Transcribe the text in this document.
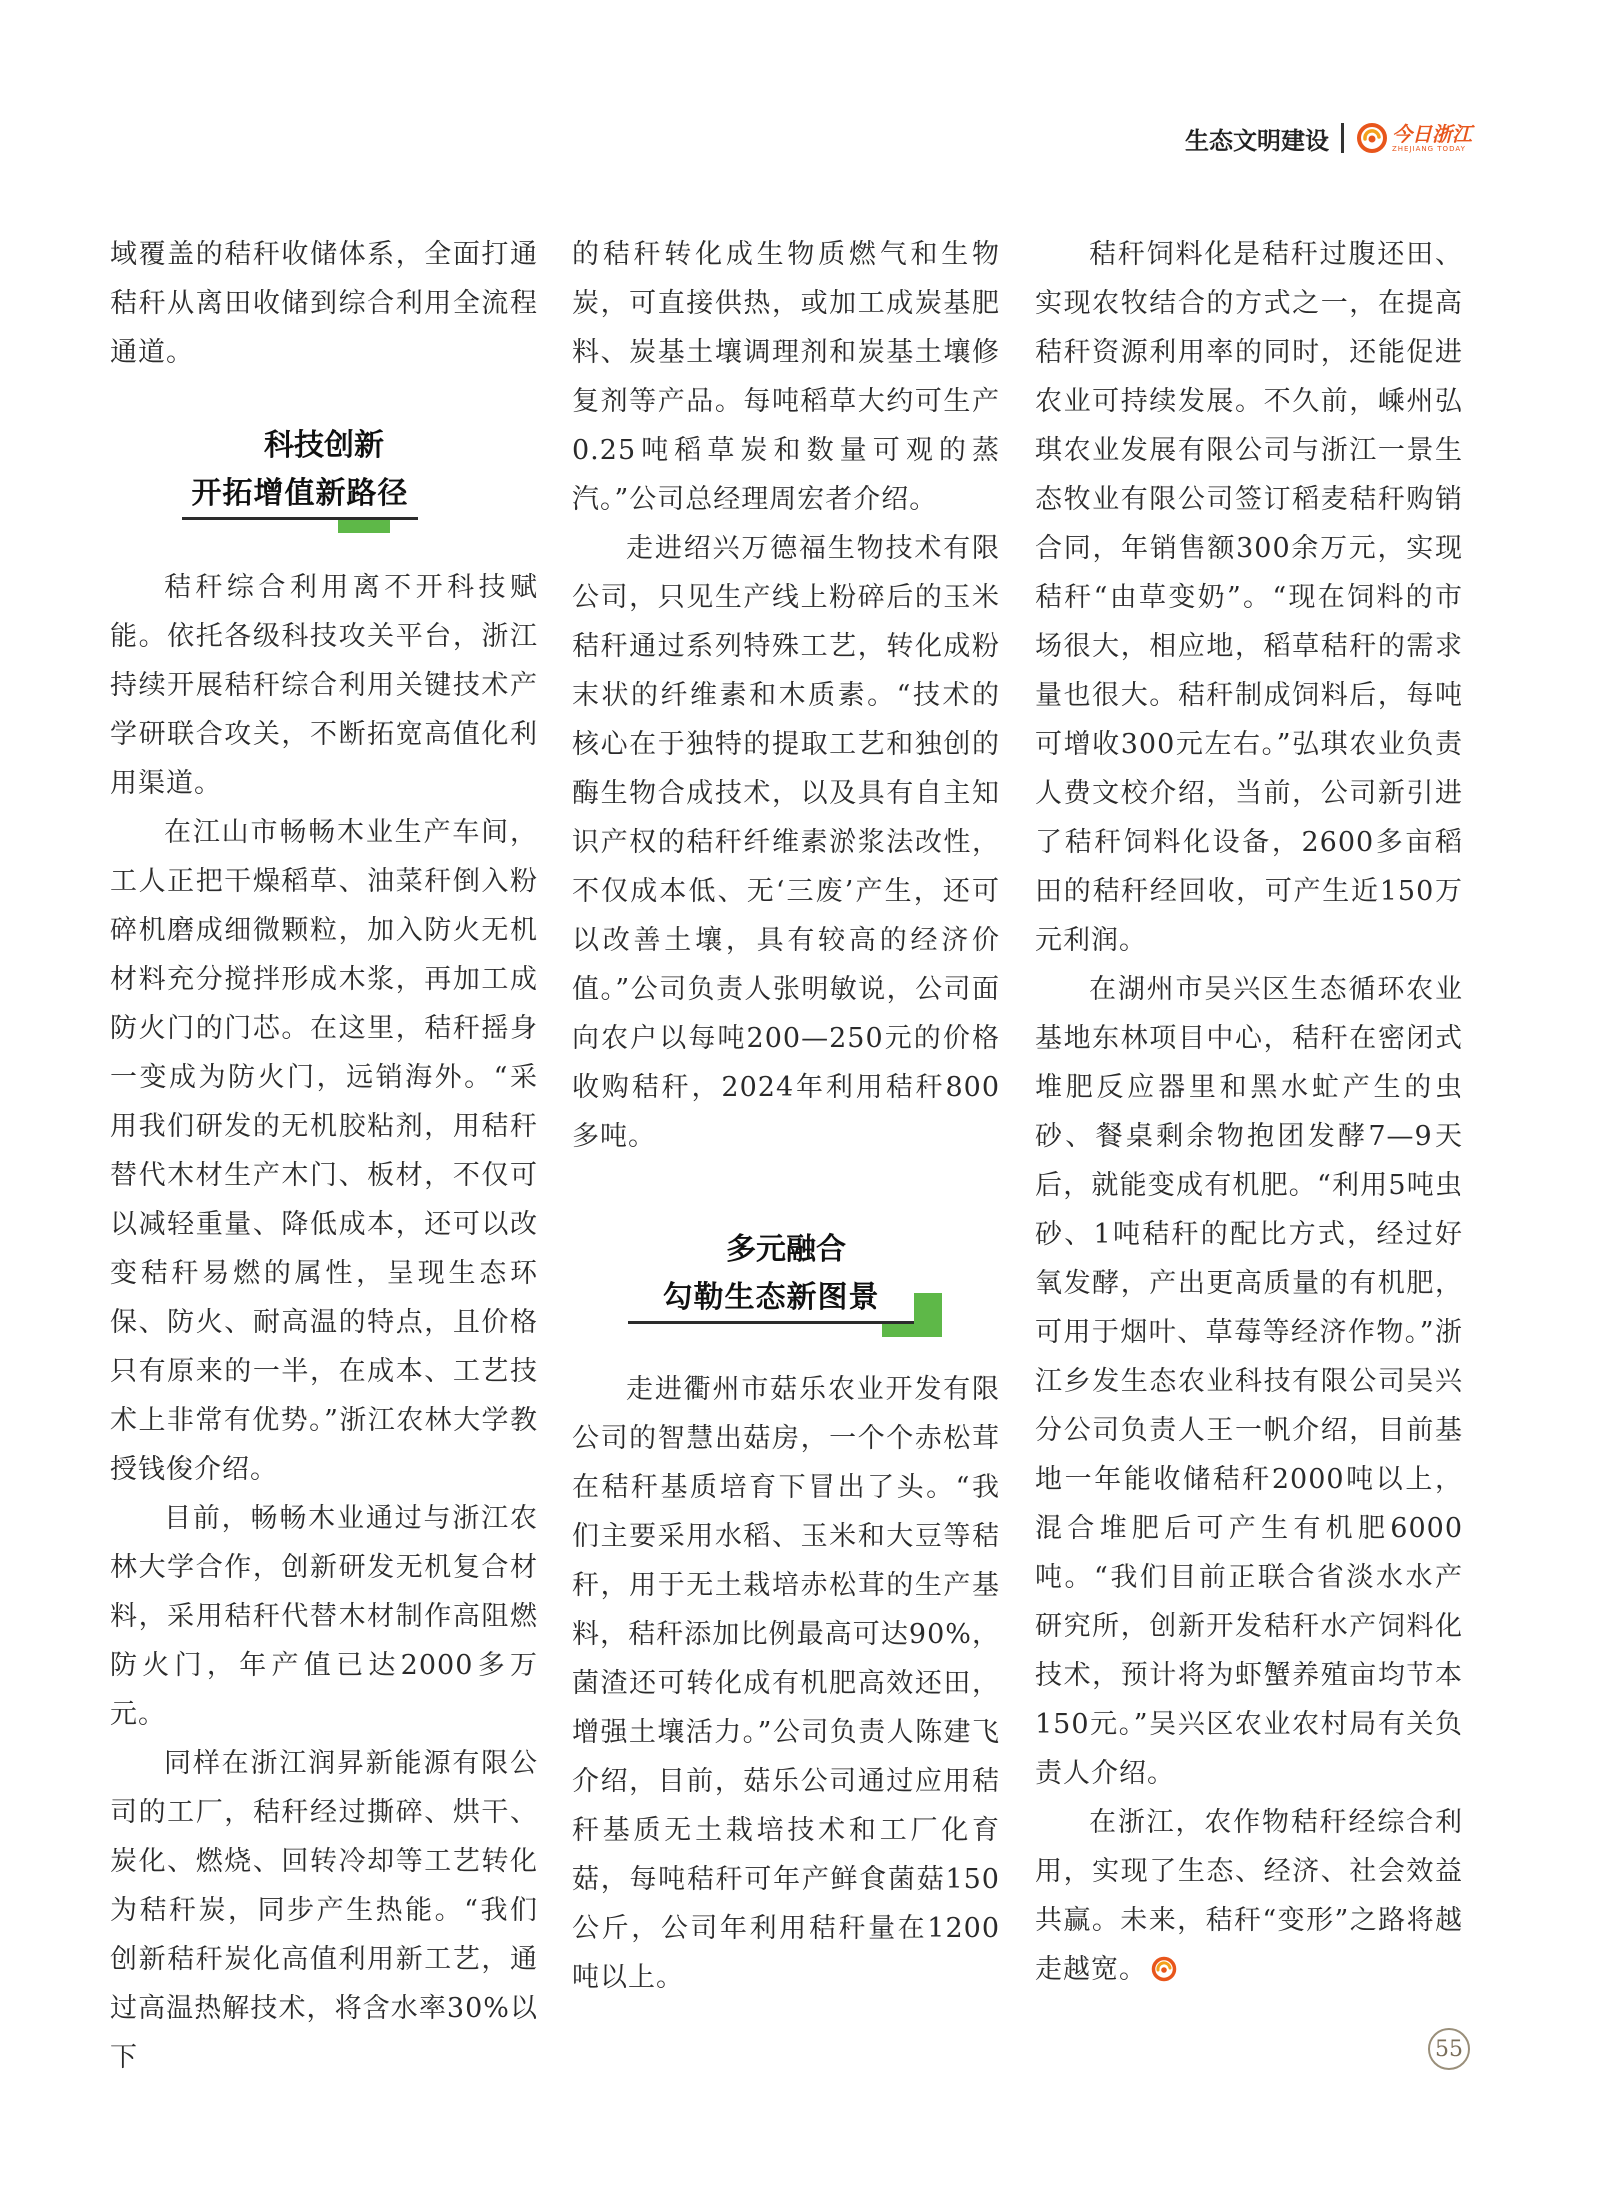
生态文明建设	今日浙江
ZHEJIANG TODAY

域覆盖的秸秆收储体系，全面打通秸秆从离田收储到综合利用全流程通道。

科技创新
开拓增值新路径

秸秆综合利用离不开科技赋能。依托各级科技攻关平台，浙江持续开展秸秆综合利用关键技术产学研联合攻关，不断拓宽高值化利用渠道。

在江山市畅畅木业生产车间，工人正把干燥稻草、油菜秆倒入粉碎机磨成细微颗粒，加入防火无机材料充分搅拌形成木浆，再加工成防火门的门芯。在这里，秸秆摇身一变成为防火门，远销海外。“采用我们研发的无机胶粘剂，用秸秆替代木材生产木门、板材，不仅可以减轻重量、降低成本，还可以改变秸秆易燃的属性，呈现生态环保、防火、耐高温的特点，且价格只有原来的一半，在成本、工艺技术上非常有优势。”浙江农林大学教授钱俊介绍。

目前，畅畅木业通过与浙江农林大学合作，创新研发无机复合材料，采用秸秆代替木材制作高阻燃防火门，年产值已达2000多万元。

同样在浙江润昇新能源有限公司的工厂，秸秆经过撕碎、烘干、炭化、燃烧、回转冷却等工艺转化为秸秆炭，同步产生热能。“我们创新秸秆炭化高值利用新工艺，通过高温热解技术，将含水率30%以下

的秸秆转化成生物质燃气和生物炭，可直接供热，或加工成炭基肥料、炭基土壤调理剂和炭基土壤修复剂等产品。每吨稻草大约可生产0.25吨稻草炭和数量可观的蒸汽。”公司总经理周宏者介绍。

走进绍兴万德福生物技术有限公司，只见生产线上粉碎后的玉米秸秆通过系列特殊工艺，转化成粉末状的纤维素和木质素。“技术的核心在于独特的提取工艺和独创的酶生物合成技术，以及具有自主知识产权的秸秆纤维素淤浆法改性，不仅成本低、无‘三废’产生，还可以改善土壤，具有较高的经济价值。”公司负责人张明敏说，公司面向农户以每吨200—250元的价格收购秸秆，2024年利用秸秆800多吨。

多元融合
勾勒生态新图景

走进衢州市菇乐农业开发有限公司的智慧出菇房，一个个赤松茸在秸秆基质培育下冒出了头。“我们主要采用水稻、玉米和大豆等秸秆，用于无土栽培赤松茸的生产基料，秸秆添加比例最高可达90%，菌渣还可转化成有机肥高效还田，增强土壤活力。”公司负责人陈建飞介绍，目前，菇乐公司通过应用秸秆基质无土栽培技术和工厂化育菇，每吨秸秆可年产鲜食菌菇150公斤，公司年利用秸秆量在1200吨以上。

秸秆饲料化是秸秆过腹还田、实现农牧结合的方式之一，在提高秸秆资源利用率的同时，还能促进农业可持续发展。不久前，嵊州弘琪农业发展有限公司与浙江一景生态牧业有限公司签订稻麦秸秆购销合同，年销售额300余万元，实现秸秆“由草变奶”。“现在饲料的市场很大，相应地，稻草秸秆的需求量也很大。秸秆制成饲料后，每吨可增收300元左右。”弘琪农业负责人费文校介绍，当前，公司新引进了秸秆饲料化设备，2600多亩稻田的秸秆经回收，可产生近150万元利润。

在湖州市吴兴区生态循环农业基地东林项目中心，秸秆在密闭式堆肥反应器里和黑水虻产生的虫砂、餐桌剩余物抱团发酵7—9天后，就能变成有机肥。“利用5吨虫砂、1吨秸秆的配比方式，经过好氧发酵，产出更高质量的有机肥，可用于烟叶、草莓等经济作物。”浙江乡发生态农业科技有限公司吴兴分公司负责人王一帆介绍，目前基地一年能收储秸秆2000吨以上，混合堆肥后可产生有机肥6000吨。“我们目前正联合省淡水水产研究所，创新开发秸秆水产饲料化技术，预计将为虾蟹养殖亩均节本150元。”吴兴区农业农村局有关负责人介绍。

在浙江，农作物秸秆经综合利用，实现了生态、经济、社会效益共赢。未来，秸秆“变形”之路将越走越宽。

55
